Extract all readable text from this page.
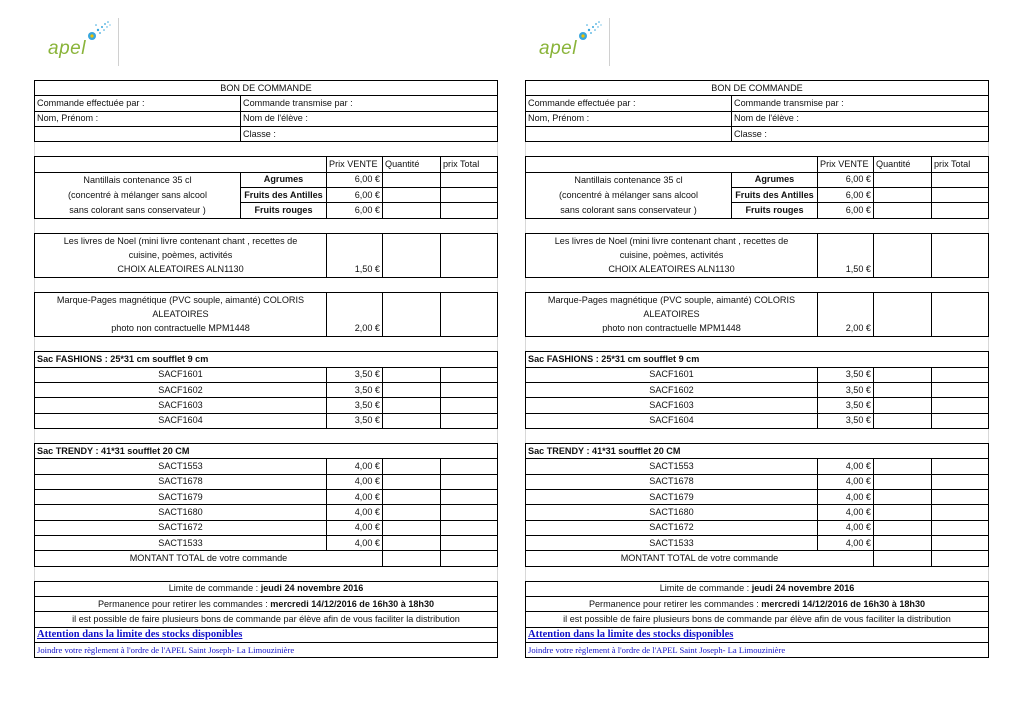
apel
BON DE COMMANDE				
Commande effectuée par :	Commande transmise par :			
Nom, Prénom :	Nom de l'élève :			
	Classe :			

		Prix VENTE	Quantité	prix Total
Nantillais contenance 35 cl	Agrumes	6,00 €		
(concentré à mélanger sans alcool	Fruits des Antilles	6,00 €		
sans colorant sans conservateur )	Fruits rouges	6,00 €		

Les livres de Noel (mini livre contenant chant , recettes de				
cuisine, poèmes, activités				
CHOIX ALEATOIRES ALN1130		1,50 €		

Marque-Pages magnétique (PVC souple, aimanté) COLORIS				
ALEATOIRES				
photo non contractuelle MPM1448		2,00 €		

Sac FASHIONS : 25*31 cm soufflet 9 cm				
SACF1601		3,50 €		
SACF1602		3,50 €		
SACF1603		3,50 €		
SACF1604		3,50 €		

Sac TRENDY : 41*31 soufflet 20 CM				
SACT1553		4,00 €		
SACT1678		4,00 €		
SACT1679		4,00 €		
SACT1680		4,00 €		
SACT1672		4,00 €		
SACT1533		4,00 €		
MONTANT TOTAL de votre commande				

Limite de commande : jeudi 24 novembre 2016				
Permanence pour retirer les commandes : mercredi 14/12/2016 de 16h30 à 18h30				
il est possible de faire plusieurs bons de commande par élève afin de vous faciliter la distribution				
Attention dans la limite des stocks disponibles				
Joindre votre règlement à l'ordre de l'APEL Saint Joseph- La Limouzinière				
apel
BON DE COMMANDE				
Commande effectuée par :	Commande transmise par :			
Nom, Prénom :	Nom de l'élève :			
	Classe :			

		Prix VENTE	Quantité	prix Total
Nantillais contenance 35 cl	Agrumes	6,00 €		
(concentré à mélanger sans alcool	Fruits des Antilles	6,00 €		
sans colorant sans conservateur )	Fruits rouges	6,00 €		

Les livres de Noel (mini livre contenant chant , recettes de				
cuisine, poèmes, activités				
CHOIX ALEATOIRES ALN1130		1,50 €		

Marque-Pages magnétique (PVC souple, aimanté) COLORIS				
ALEATOIRES				
photo non contractuelle MPM1448		2,00 €		

Sac FASHIONS : 25*31 cm soufflet 9 cm				
SACF1601		3,50 €		
SACF1602		3,50 €		
SACF1603		3,50 €		
SACF1604		3,50 €		

Sac TRENDY : 41*31 soufflet 20 CM				
SACT1553		4,00 €		
SACT1678		4,00 €		
SACT1679		4,00 €		
SACT1680		4,00 €		
SACT1672		4,00 €		
SACT1533		4,00 €		
MONTANT TOTAL de votre commande				

Limite de commande : jeudi 24 novembre 2016				
Permanence pour retirer les commandes : mercredi 14/12/2016 de 16h30 à 18h30				
il est possible de faire plusieurs bons de commande par élève afin de vous faciliter la distribution				
Attention dans la limite des stocks disponibles				
Joindre votre règlement à l'ordre de l'APEL Saint Joseph- La Limouzinière				
